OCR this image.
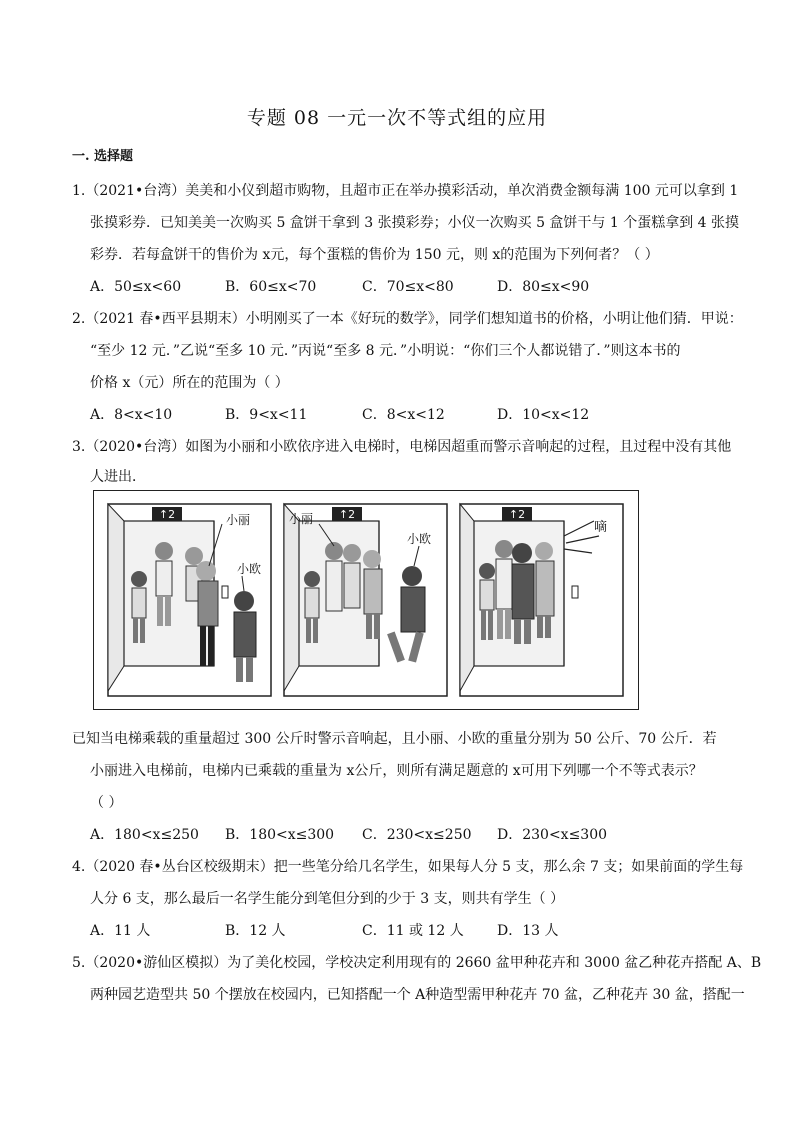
专题 08 一元一次不等式组的应用
一. 选择题
1.（2021•台湾）美美和小仪到超市购物，且超市正在举办摸彩活动，单次消费金额每满 100 元可以拿到 1
张摸彩券．已知美美一次购买 5 盒饼干拿到 3 张摸彩券；小仪一次购买 5 盒饼干与 1 个蛋糕拿到 4 张摸
彩券．若每盒饼干的售价为 x元，每个蛋糕的售价为 150 元，则 x的范围为下列何者？（ ）
A．50≤x<60	B．60≤x<70	C．70≤x<80	D．80≤x<90
2.（2021 春•西平县期末）小明刚买了一本《好玩的数学》，同学们想知道书的价格，小明让他们猜．甲说：
“至少 12 元．”乙说“至多 10 元．”丙说“至多 8 元．”小明说：“你们三个人都说错了．”则这本书的
价格 x（元）所在的范围为（ ）
A．8<x<10	B．9<x<11	C．8<x<12	D．10<x<12
3.（2020•台湾）如图为小丽和小欧依序进入电梯时，电梯因超重而警示音响起的过程，且过程中没有其他
人进出．
↑2	小丽
小欧
↑2
小丽
小欧
↑2
嘀
已知当电梯乘载的重量超过 300 公斤时警示音响起，且小丽、小欧的重量分别为 50 公斤、70 公斤．若
小丽进入电梯前，电梯内已乘载的重量为 x公斤，则所有满足题意的 x可用下列哪一个不等式表示？
（ ）
A．180<x≤250 B．180<x≤300 C．230<x≤250 D．230<x≤300
4.（2020 春•丛台区校级期末）把一些笔分给几名学生，如果每人分 5 支，那么余 7 支；如果前面的学生每
人分 6 支，那么最后一名学生能分到笔但分到的少于 3 支，则共有学生（ ）
A．11 人	B．12 人	C．11 或 12 人 D．13 人
5.（2020•游仙区模拟）为了美化校园，学校决定利用现有的 2660 盆甲种花卉和 3000 盆乙种花卉搭配 A、B
两种园艺造型共 50 个摆放在校园内，已知搭配一个 A种造型需甲种花卉 70 盆，乙种花卉 30 盆，搭配一
